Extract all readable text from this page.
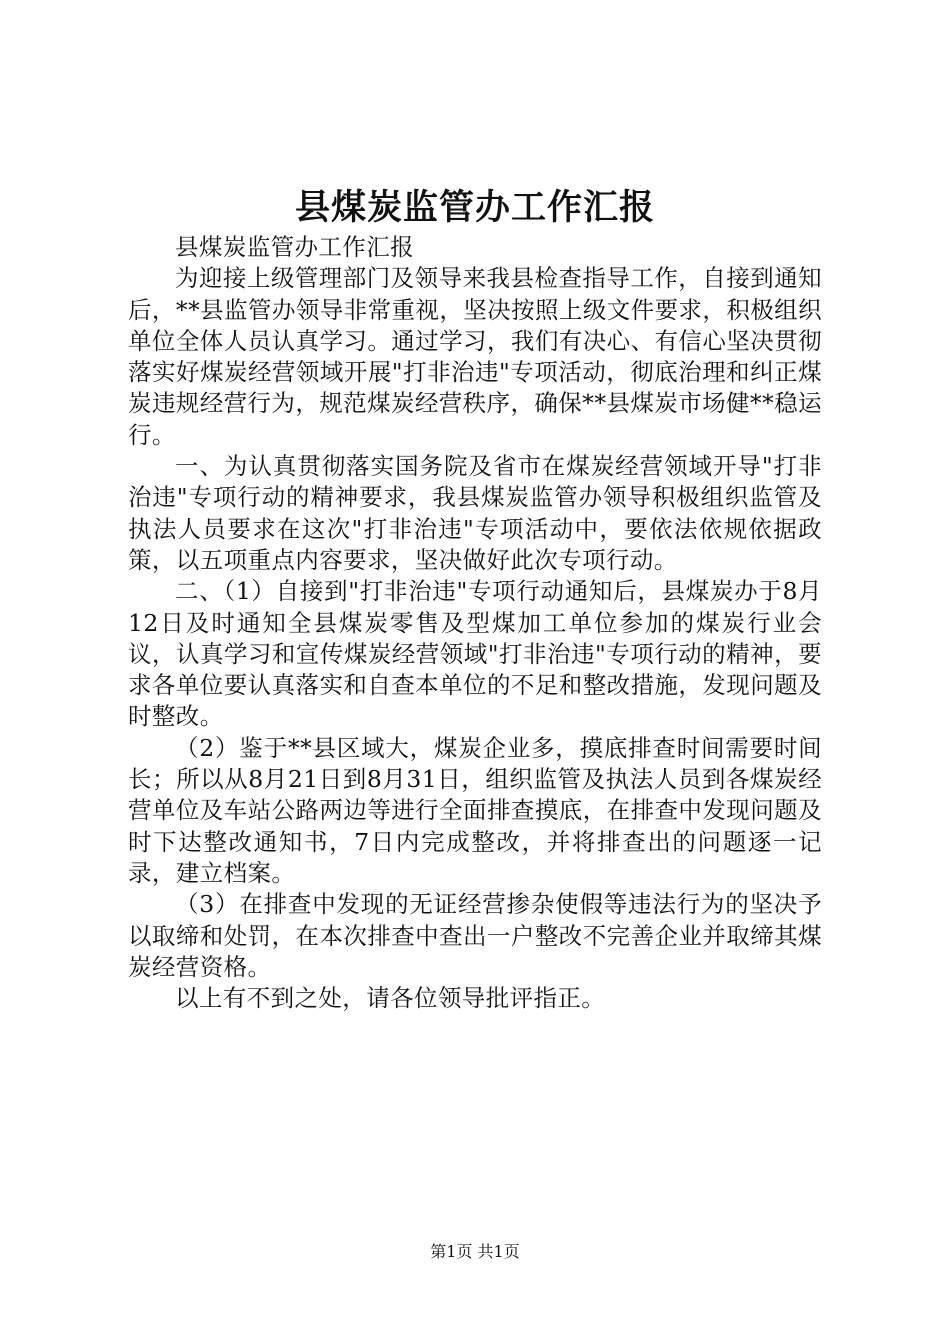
县煤炭监管办工作汇报

县煤炭监管办工作汇报

为迎接上级管理部门及领导来我县检查指导工作，自接到通知后，**县监管办领导非常重视，坚决按照上级文件要求，积极组织单位全体人员认真学习。通过学习，我们有决心、有信心坚决贯彻落实好煤炭经营领域开展"打非治违"专项活动，彻底治理和纠正煤炭违规经营行为，规范煤炭经营秩序，确保**县煤炭市场健**稳运行。

一、为认真贯彻落实国务院及省市在煤炭经营领域开导"打非治违"专项行动的精神要求，我县煤炭监管办领导积极组织监管及执法人员要求在这次"打非治违"专项活动中，要依法依规依据政策，以五项重点内容要求，坚决做好此次专项行动。

二、（1）自接到"打非治违"专项行动通知后，县煤炭办于8月12日及时通知全县煤炭零售及型煤加工单位参加的煤炭行业会议，认真学习和宣传煤炭经营领域"打非治违"专项行动的精神，要求各单位要认真落实和自查本单位的不足和整改措施，发现问题及时整改。

（2）鉴于**县区域大，煤炭企业多，摸底排查时间需要时间长；所以从8月21日到8月31日，组织监管及执法人员到各煤炭经营单位及车站公路两边等进行全面排查摸底，在排查中发现问题及时下达整改通知书，7日内完成整改，并将排查出的问题逐一记录，建立档案。

（3）在排查中发现的无证经营掺杂使假等违法行为的坚决予以取缔和处罚，在本次排查中查出一户整改不完善企业并取缔其煤炭经营资格。

以上有不到之处，请各位领导批评指正。

第1页 共1页
